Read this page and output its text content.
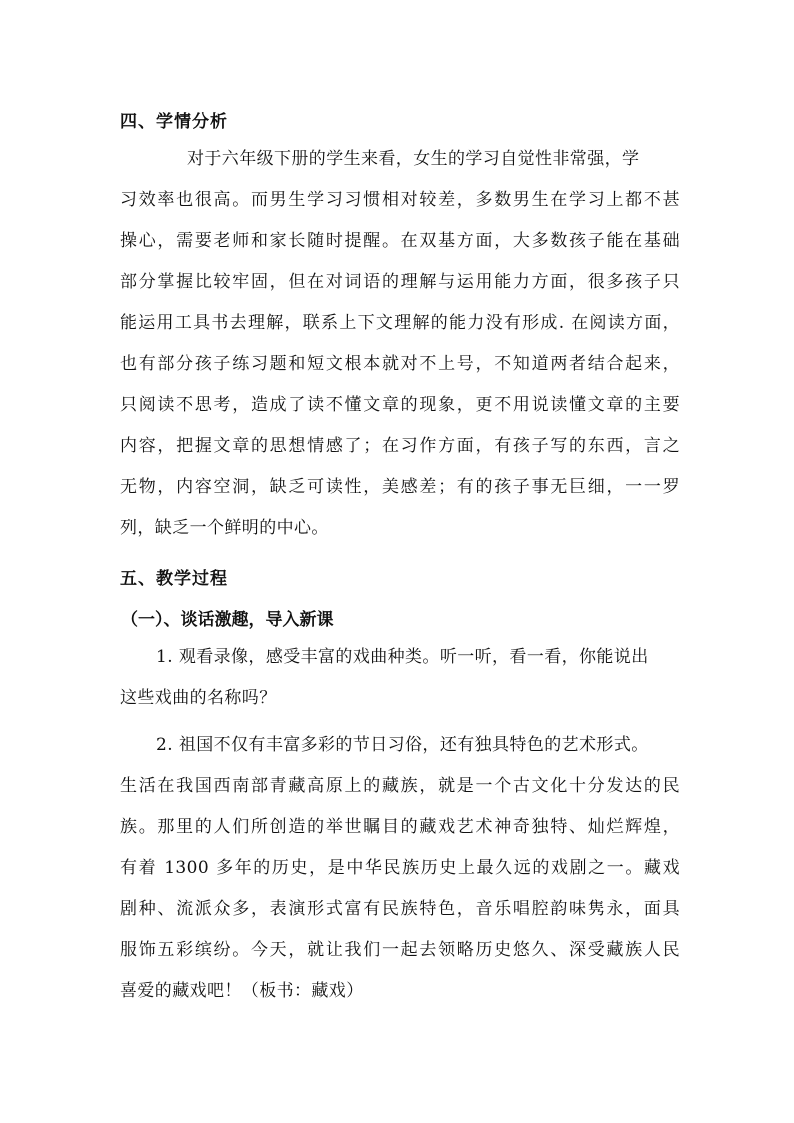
四、学情分析
对于六年级下册的学生来看，女生的学习自觉性非常强，学
习效率也很高。而男生学习习惯相对较差，多数男生在学习上都不甚
操心，需要老师和家长随时提醒。在双基方面，大多数孩子能在基础
部分掌握比较牢固，但在对词语的理解与运用能力方面，很多孩子只
能运用工具书去理解，联系上下文理解的能力没有形成. 在阅读方面，
也有部分孩子练习题和短文根本就对不上号，不知道两者结合起来，
只阅读不思考，造成了读不懂文章的现象，更不用说读懂文章的主要
内容，把握文章的思想情感了；在习作方面，有孩子写的东西，言之
无物，内容空洞，缺乏可读性，美感差；有的孩子事无巨细，一一罗
列，缺乏一个鲜明的中心。
五、教学过程
（一）、谈话激趣，导入新课
1. 观看录像，感受丰富的戏曲种类。听一听，看一看，你能说出
这些戏曲的名称吗？
2. 祖国不仅有丰富多彩的节日习俗，还有独具特色的艺术形式。
生活在我国西南部青藏高原上的藏族，就是一个古文化十分发达的民
族。那里的人们所创造的举世瞩目的藏戏艺术神奇独特、灿烂辉煌，
有着 1300 多年的历史，是中华民族历史上最久远的戏剧之一。藏戏
剧种、流派众多，表演形式富有民族特色，音乐唱腔韵味隽永，面具
服饰五彩缤纷。今天，就让我们一起去领略历史悠久、深受藏族人民
喜爱的藏戏吧！（板书：藏戏）
